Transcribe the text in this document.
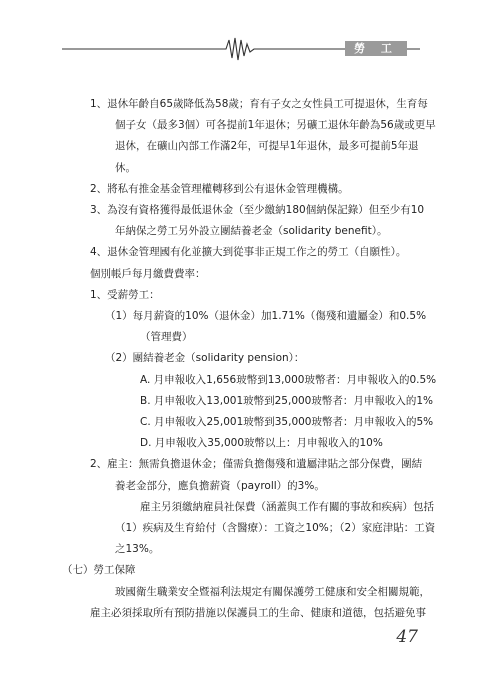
勞 工
1、退休年齡自65歲降低為58歲；育有子女之女性員工可提退休，生育每
個子女（最多3個）可各提前1年退休；另礦工退休年齡為56歲或更早
退休，在礦山內部工作滿2年，可提早1年退休，最多可提前5年退
休。
2、將私有推金基金管理權轉移到公有退休金管理機構。
3、為沒有資格獲得最低退休金（至少繳納180個納保記錄）但至少有10
年納保之勞工另外設立團結養老金（solidarity benefit）。
4、退休金管理國有化並擴大到從事非正規工作之的勞工（自願性）。
個別帳戶每月繳費費率：
1、受薪勞工：
（1）每月薪資的10%（退休金）加1.71%（傷殘和遺屬金）和0.5%
（管理費）
（2）團結養老金（solidarity pension）：
A. 月申報收入1,656玻幣到13,000玻幣者：月申報收入的0.5%
B. 月申報收入13,001玻幣到25,000玻幣者：月申報收入的1%
C. 月申報收入25,001玻幣到35,000玻幣者：月申報收入的5%
D. 月申報收入35,000玻幣以上：月申報收入的10%
2、雇主：無需負擔退休金；僅需負擔傷殘和遺屬津貼之部分保費，團結
養老金部分，應負擔薪資（payroll）的3%。
雇主另須繳納雇員社保費（涵蓋與工作有關的事故和疾病）包括
（1）疾病及生育給付（含醫療）：工資之10%；（2）家庭津貼：工資
之13%。
（七）勞工保障
玻國衛生職業安全暨福利法規定有關保護勞工健康和安全相關規範，
雇主必須採取所有預防措施以保護員工的生命、健康和道德，包括避免事
47
